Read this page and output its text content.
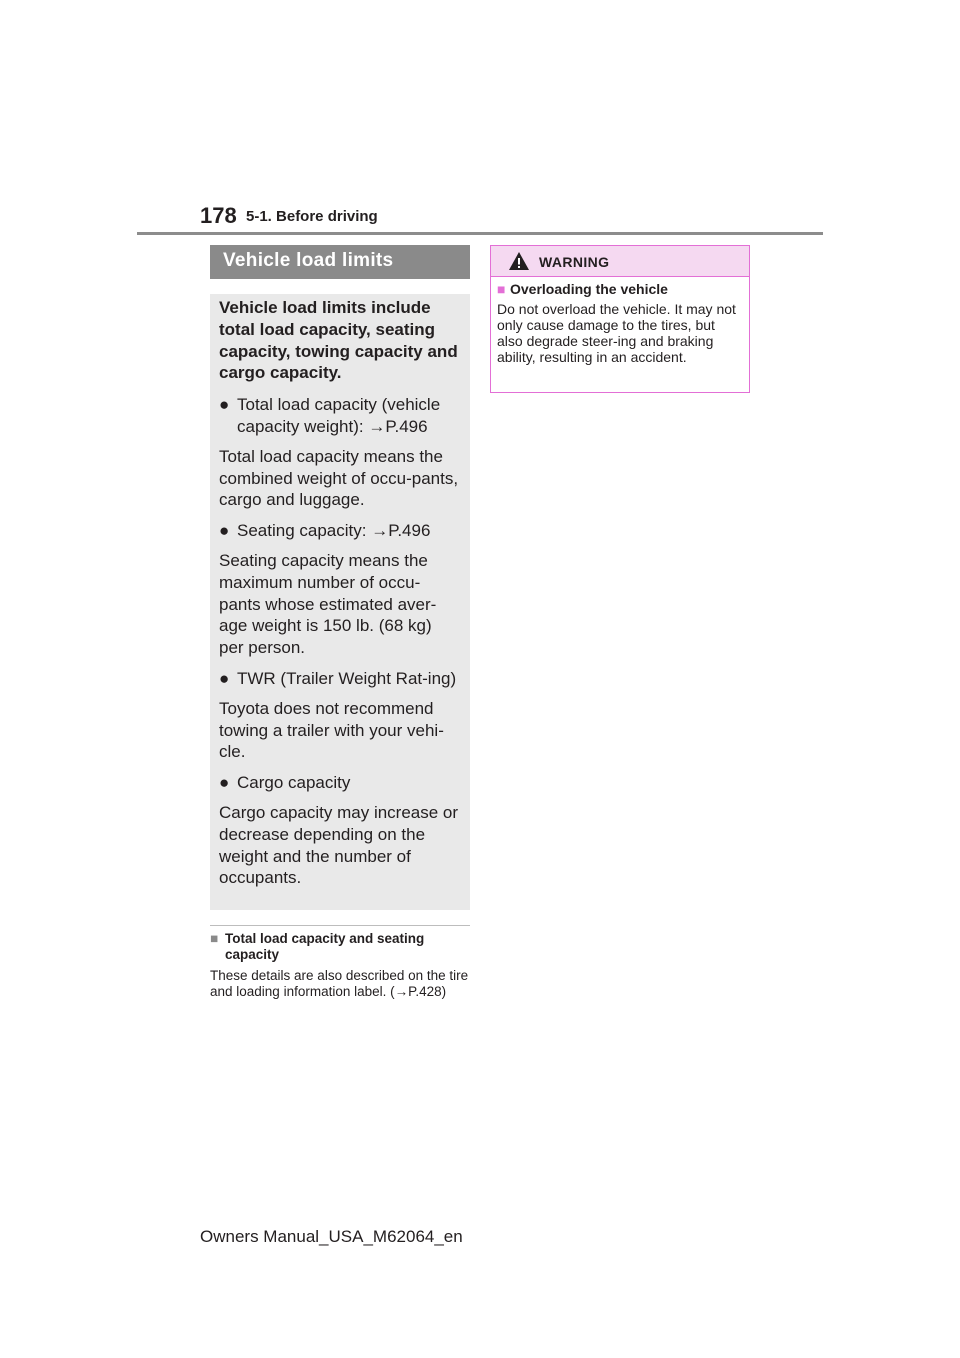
178 5-1. Before driving
Vehicle load limits

Vehicle load limits include total load capacity, seating capacity, towing capacity and cargo capacity.

● Total load capacity (vehicle capacity weight): →P.496

Total load capacity means the combined weight of occu-pants, cargo and luggage.

● Seating capacity: →P.496

Seating capacity means the maximum number of occu-pants whose estimated aver-age weight is 150 lb. (68 kg) per person.

● TWR (Trailer Weight Rat-ing)

Toyota does not recommend towing a trailer with your vehi-cle.

● Cargo capacity

Cargo capacity may increase or decrease depending on the weight and the number of occupants.

■ Total load capacity and seating
capacity
These details are also described on the tire and loading information label. (→P.428)
WARNING
■ Overloading the vehicle
Do not overload the vehicle. It may not only cause damage to the tires, but also degrade steer-ing and braking ability, resulting in an accident.
Owners Manual_USA_M62064_en
